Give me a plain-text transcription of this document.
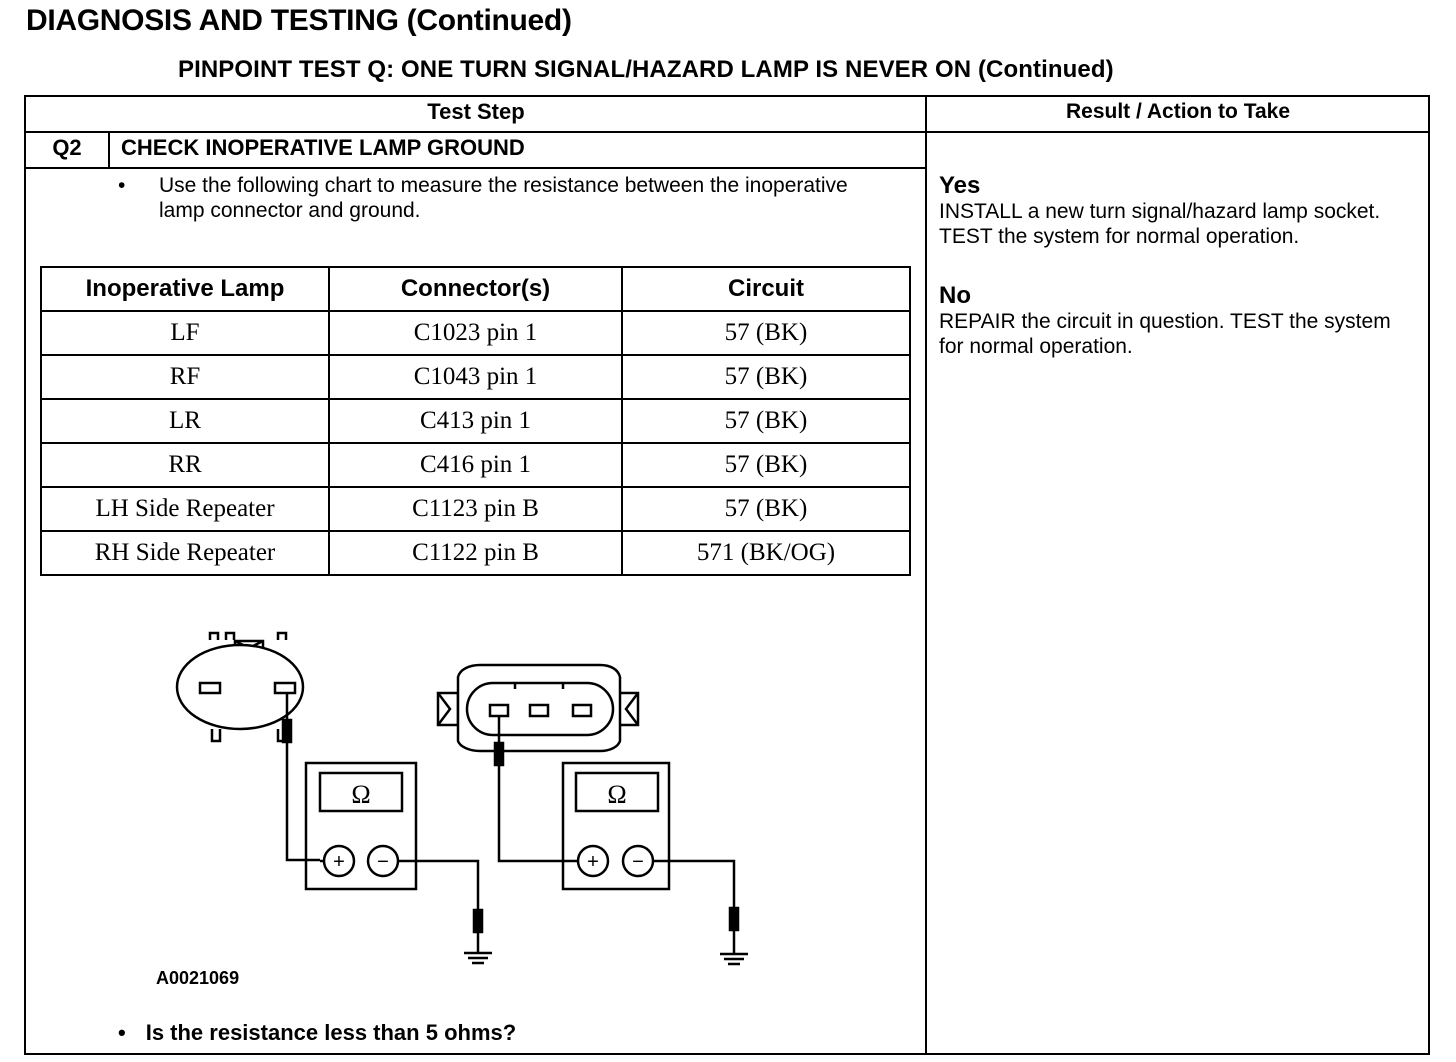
DIAGNOSIS AND TESTING (Continued)
PINPOINT TEST Q: ONE TURN SIGNAL/HAZARD LAMP IS NEVER ON (Continued)
Test Step	Result / Action to Take
Q2	CHECK INOPERATIVE LAMP GROUND
•	Use the following chart to measure the resistance between the inoperative lamp connector and ground.
Inoperative Lamp	Connector(s)	Circuit
LF	C1023 pin 1	57 (BK)
RF	C1043 pin 1	57 (BK)
LR	C413 pin 1	57 (BK)
RR	C416 pin 1	57 (BK)
LH Side Repeater	C1123 pin B	57 (BK)
RH Side Repeater	C1122 pin B	571 (BK/OG)
Ω
+ −
Ω
+ −
A0021069
• Is the resistance less than 5 ohms?
Yes
INSTALL a new turn signal/hazard lamp socket. TEST the system for normal operation.
No
REPAIR the circuit in question. TEST the system for normal operation.
